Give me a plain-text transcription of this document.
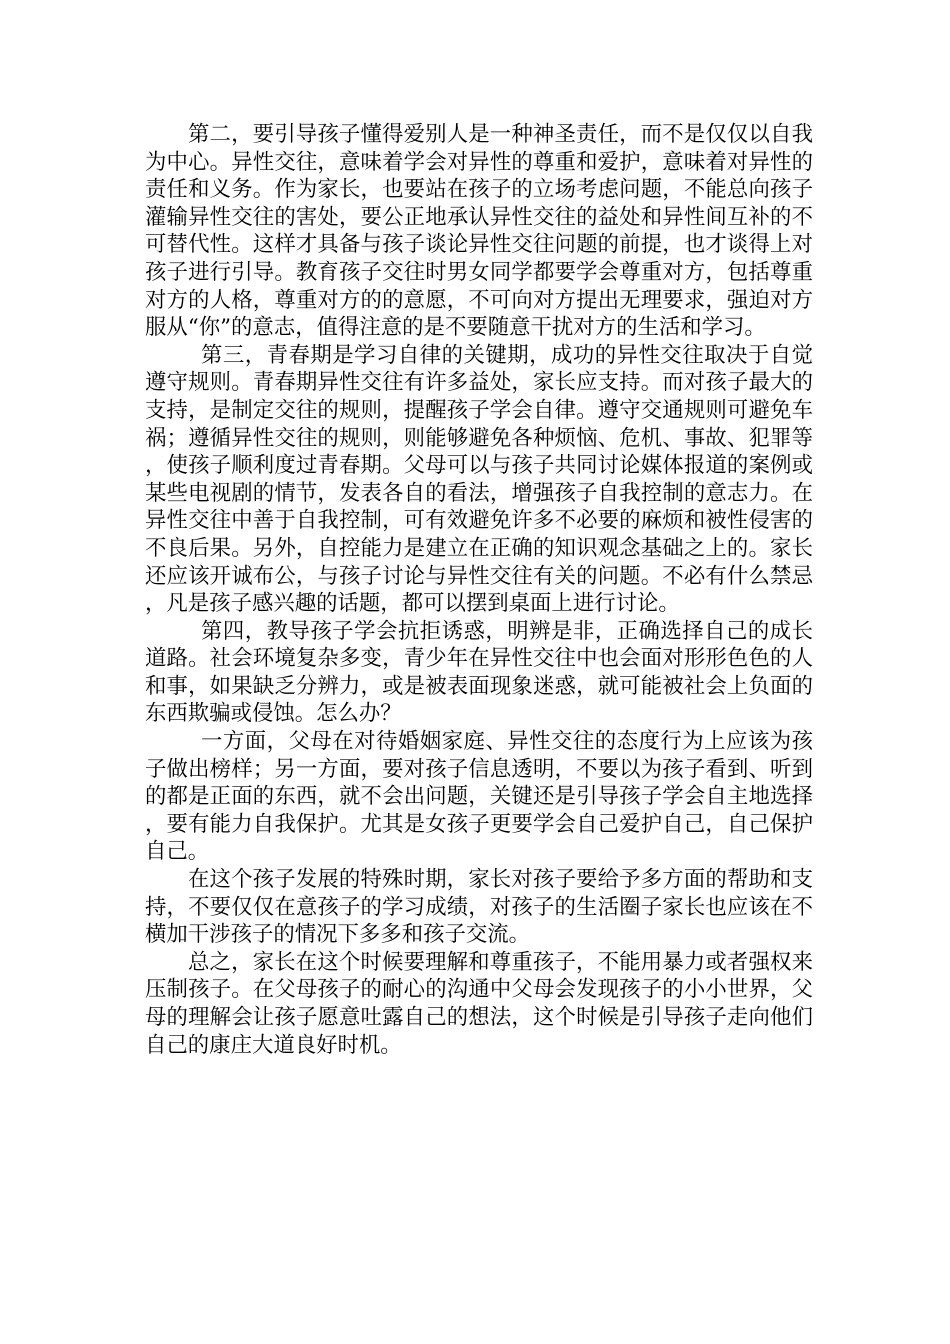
第二，要引导孩子懂得爱别人是一种神圣责任，而不是仅仅以自我为中心。异性交往，意味着学会对异性的尊重和爱护，意味着对异性的责任和义务。作为家长，也要站在孩子的立场考虑问题，不能总向孩子灌输异性交往的害处，要公正地承认异性交往的益处和异性间互补的不可替代性。这样才具备与孩子谈论异性交往问题的前提，也才谈得上对孩子进行引导。教育孩子交往时男女同学都要学会尊重对方，包括尊重对方的人格，尊重对方的的意愿，不可向对方提出无理要求，强迫对方服从“你”的意志，值得注意的是不要随意干扰对方的生活和学习。

第三，青春期是学习自律的关键期，成功的异性交往取决于自觉遵守规则。青春期异性交往有许多益处，家长应支持。而对孩子最大的支持，是制定交往的规则，提醒孩子学会自律。遵守交通规则可避免车祸；遵循异性交往的规则，则能够避免各种烦恼、危机、事故、犯罪等，使孩子顺利度过青春期。父母可以与孩子共同讨论媒体报道的案例或某些电视剧的情节，发表各自的看法，增强孩子自我控制的意志力。在异性交往中善于自我控制，可有效避免许多不必要的麻烦和被性侵害的不良后果。另外，自控能力是建立在正确的知识观念基础之上的。家长还应该开诚布公，与孩子讨论与异性交往有关的问题。不必有什么禁忌，凡是孩子感兴趣的话题，都可以摆到桌面上进行讨论。

第四，教导孩子学会抗拒诱惑，明辨是非，正确选择自己的成长道路。社会环境复杂多变，青少年在异性交往中也会面对形形色色的人和事，如果缺乏分辨力，或是被表面现象迷惑，就可能被社会上负面的东西欺骗或侵蚀。怎么办？

一方面，父母在对待婚姻家庭、异性交往的态度行为上应该为孩子做出榜样；另一方面，要对孩子信息透明，不要以为孩子看到、听到的都是正面的东西，就不会出问题，关键还是引导孩子学会自主地选择，要有能力自我保护。尤其是女孩子更要学会自己爱护自己，自己保护自己。

在这个孩子发展的特殊时期，家长对孩子要给予多方面的帮助和支持，不要仅仅在意孩子的学习成绩，对孩子的生活圈子家长也应该在不横加干涉孩子的情况下多多和孩子交流。

总之，家长在这个时候要理解和尊重孩子，不能用暴力或者强权来压制孩子。在父母孩子的耐心的沟通中父母会发现孩子的小小世界，父母的理解会让孩子愿意吐露自己的想法，这个时候是引导孩子走向他们自己的康庄大道良好时机。
